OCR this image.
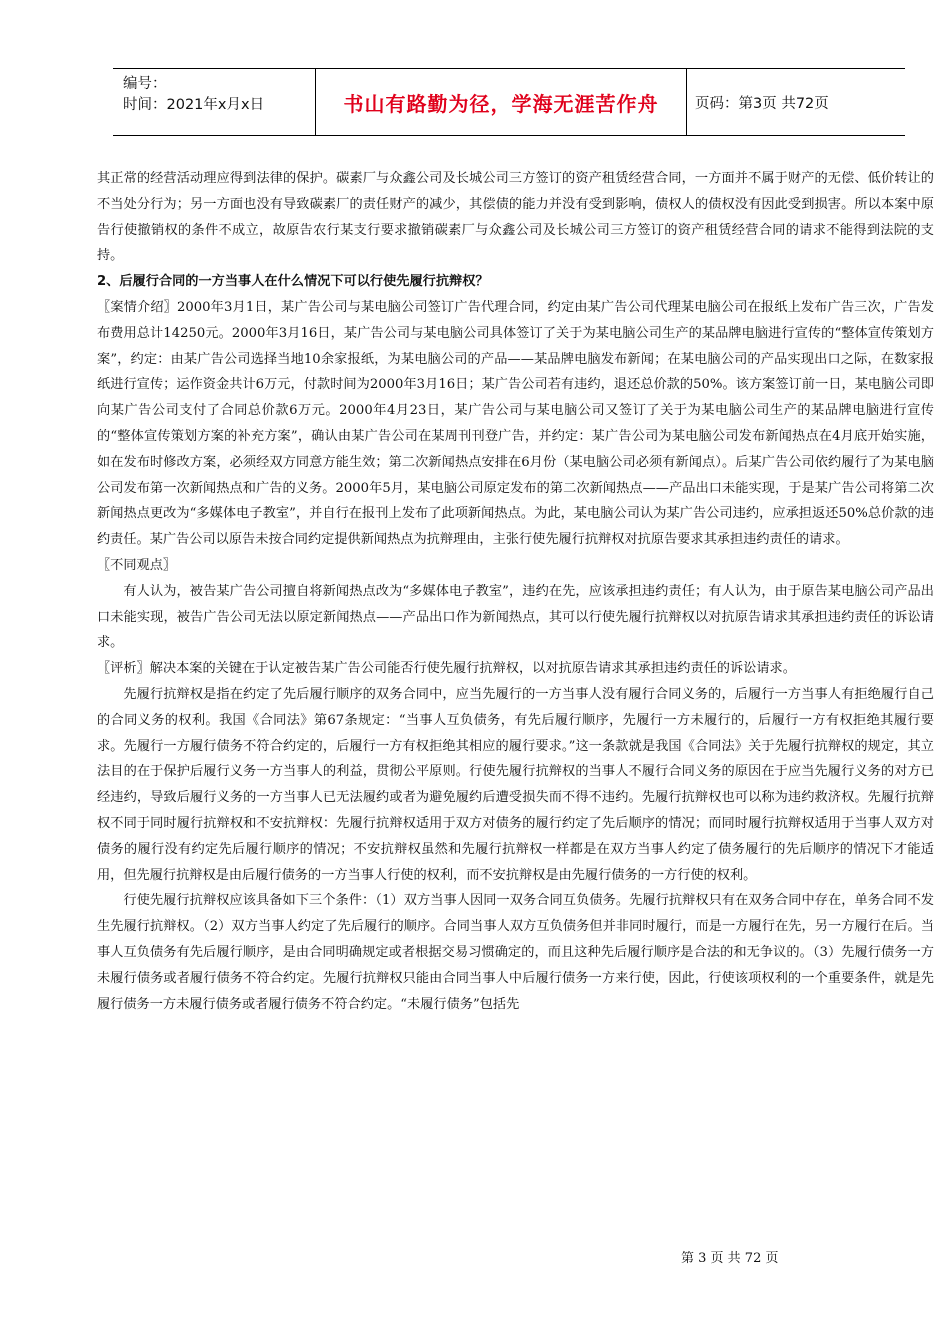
编号：
时间：2021年x月x日	书山有路勤为径，学海无涯苦作舟	页码：第3页 共72页

其正常的经营活动理应得到法律的保护。碳素厂与众鑫公司及长城公司三方签订的资产租赁经营合同，一方面并不属于财产的无偿、低价转让的不当处分行为；另一方面也没有导致碳素厂的责任财产的减少，其偿债的能力并没有受到影响，债权人的债权没有因此受到损害。所以本案中原告行使撤销权的条件不成立，故原告农行某支行要求撤销碳素厂与众鑫公司及长城公司三方签订的资产租赁经营合同的请求不能得到法院的支持。

2、后履行合同的一方当事人在什么情况下可以行使先履行抗辩权？

〖案情介绍〗2000年3月1日，某广告公司与某电脑公司签订广告代理合同，约定由某广告公司代理某电脑公司在报纸上发布广告三次，广告发布费用总计14250元。2000年3月16日，某广告公司与某电脑公司具体签订了关于为某电脑公司生产的某品牌电脑进行宣传的“整体宣传策划方案”，约定：由某广告公司选择当地10余家报纸，为某电脑公司的产品——某品牌电脑发布新闻；在某电脑公司的产品实现出口之际，在数家报纸进行宣传；运作资金共计6万元，付款时间为2000年3月16日；某广告公司若有违约，退还总价款的50%。该方案签订前一日，某电脑公司即向某广告公司支付了合同总价款6万元。2000年4月23日，某广告公司与某电脑公司又签订了关于为某电脑公司生产的某品牌电脑进行宣传的“整体宣传策划方案的补充方案”，确认由某广告公司在某周刊刊登广告，并约定：某广告公司为某电脑公司发布新闻热点在4月底开始实施，如在发布时修改方案，必须经双方同意方能生效；第二次新闻热点安排在6月份（某电脑公司必须有新闻点）。后某广告公司依约履行了为某电脑公司发布第一次新闻热点和广告的义务。2000年5月，某电脑公司原定发布的第二次新闻热点——产品出口未能实现，于是某广告公司将第二次新闻热点更改为“多媒体电子教室”，并自行在报刊上发布了此项新闻热点。为此，某电脑公司认为某广告公司违约，应承担返还50%总价款的违约责任。某广告公司以原告未按合同约定提供新闻热点为抗辩理由，主张行使先履行抗辩权对抗原告要求其承担违约责任的请求。

〖不同观点〗

有人认为，被告某广告公司擅自将新闻热点改为“多媒体电子教室”，违约在先，应该承担违约责任；有人认为，由于原告某电脑公司产品出口未能实现，被告广告公司无法以原定新闻热点——产品出口作为新闻热点，其可以行使先履行抗辩权以对抗原告请求其承担违约责任的诉讼请求。

〖评析〗解决本案的关键在于认定被告某广告公司能否行使先履行抗辩权，以对抗原告请求其承担违约责任的诉讼请求。

先履行抗辩权是指在约定了先后履行顺序的双务合同中，应当先履行的一方当事人没有履行合同义务的，后履行一方当事人有拒绝履行自己的合同义务的权利。我国《合同法》第67条规定：“当事人互负债务，有先后履行顺序，先履行一方未履行的，后履行一方有权拒绝其履行要求。先履行一方履行债务不符合约定的，后履行一方有权拒绝其相应的履行要求。”这一条款就是我国《合同法》关于先履行抗辩权的规定，其立法目的在于保护后履行义务一方当事人的利益，贯彻公平原则。行使先履行抗辩权的当事人不履行合同义务的原因在于应当先履行义务的对方已经违约，导致后履行义务的一方当事人已无法履约或者为避免履约后遭受损失而不得不违约。先履行抗辩权也可以称为违约救济权。先履行抗辩权不同于同时履行抗辩权和不安抗辩权：先履行抗辩权适用于双方对债务的履行约定了先后顺序的情况；而同时履行抗辩权适用于当事人双方对债务的履行没有约定先后履行顺序的情况；不安抗辩权虽然和先履行抗辩权一样都是在双方当事人约定了债务履行的先后顺序的情况下才能适用，但先履行抗辩权是由后履行债务的一方当事人行使的权利，而不安抗辩权是由先履行债务的一方行使的权利。

行使先履行抗辩权应该具备如下三个条件：（1）双方当事人因同一双务合同互负债务。先履行抗辩权只有在双务合同中存在，单务合同不发生先履行抗辩权。（2）双方当事人约定了先后履行的顺序。合同当事人双方互负债务但并非同时履行，而是一方履行在先，另一方履行在后。当事人互负债务有先后履行顺序，是由合同明确规定或者根据交易习惯确定的，而且这种先后履行顺序是合法的和无争议的。（3）先履行债务一方未履行债务或者履行债务不符合约定。先履行抗辩权只能由合同当事人中后履行债务一方来行使，因此，行使该项权利的一个重要条件，就是先履行债务一方未履行债务或者履行债务不符合约定。“未履行债务”包括先

第 3 页 共 72 页
